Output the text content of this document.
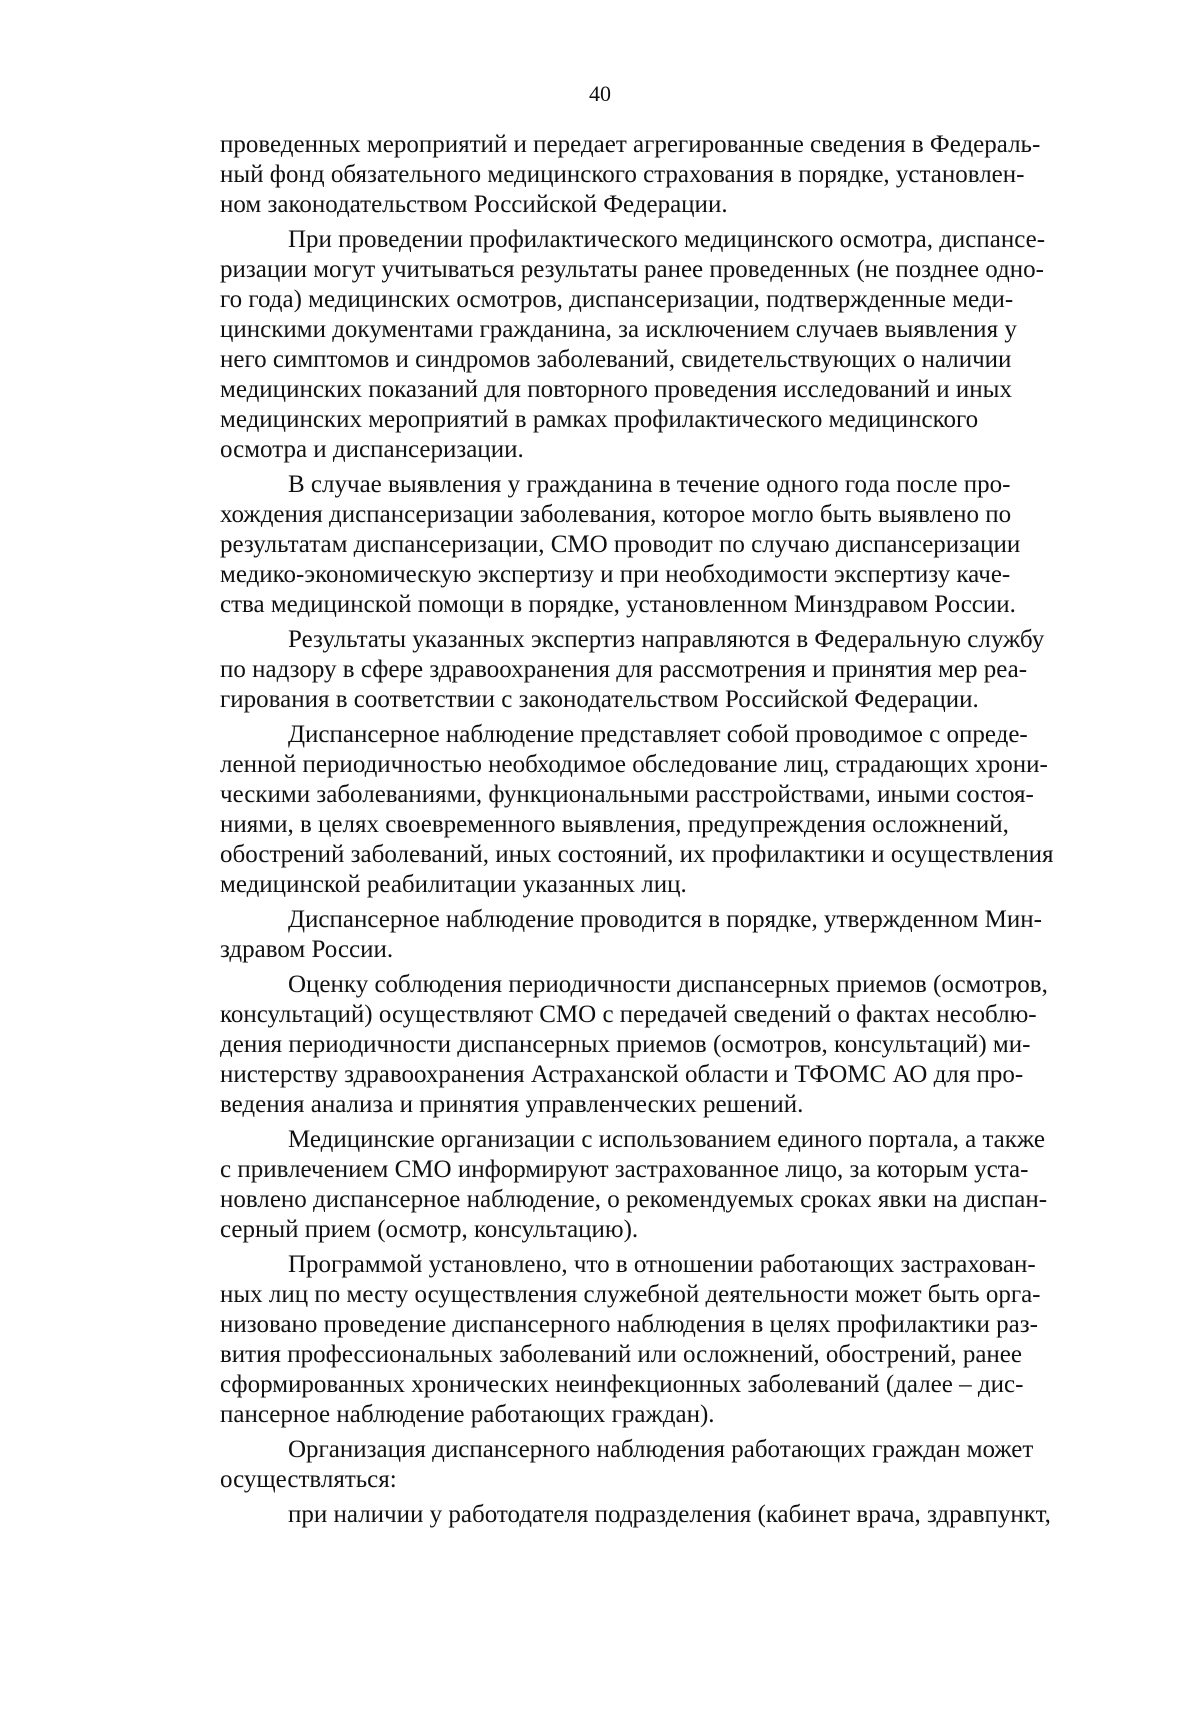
40

проведенных мероприятий и передает агрегированные сведения в Федераль-
ный фонд обязательного медицинского страхования в порядке, установлен-
ном законодательством Российской Федерации.

При проведении профилактического медицинского осмотра, диспансе-
ризации могут учитываться результаты ранее проведенных (не позднее одно-
го года) медицинских осмотров, диспансеризации, подтвержденные меди-
цинскими документами гражданина, за исключением случаев выявления у
него симптомов и синдромов заболеваний, свидетельствующих о наличии
медицинских показаний для повторного проведения исследований и иных
медицинских мероприятий в рамках профилактического медицинского
осмотра и диспансеризации.

В случае выявления у гражданина в течение одного года после про-
хождения диспансеризации заболевания, которое могло быть выявлено по
результатам диспансеризации, СМО проводит по случаю диспансеризации
медико-экономическую экспертизу и при необходимости экспертизу каче-
ства медицинской помощи в порядке, установленном Минздравом России.

Результаты указанных экспертиз направляются в Федеральную службу
по надзору в сфере здравоохранения для рассмотрения и принятия мер реа-
гирования в соответствии с законодательством Российской Федерации.

Диспансерное наблюдение представляет собой проводимое с опреде-
ленной периодичностью необходимое обследование лиц, страдающих хрони-
ческими заболеваниями, функциональными расстройствами, иными состоя-
ниями, в целях своевременного выявления, предупреждения осложнений,
обострений заболеваний, иных состояний, их профилактики и осуществления
медицинской реабилитации указанных лиц.

Диспансерное наблюдение проводится в порядке, утвержденном Мин-
здравом России.

Оценку соблюдения периодичности диспансерных приемов (осмотров,
консультаций) осуществляют СМО с передачей сведений о фактах несоблю-
дения периодичности диспансерных приемов (осмотров, консультаций) ми-
нистерству здравоохранения Астраханской области и ТФОМС АО для про-
ведения анализа и принятия управленческих решений.

Медицинские организации с использованием единого портала, а также
с привлечением СМО информируют застрахованное лицо, за которым уста-
новлено диспансерное наблюдение, о рекомендуемых сроках явки на диспан-
серный прием (осмотр, консультацию).

Программой установлено, что в отношении работающих застрахован-
ных лиц по месту осуществления служебной деятельности может быть орга-
низовано проведение диспансерного наблюдения в целях профилактики раз-
вития профессиональных заболеваний или осложнений, обострений, ранее
сформированных хронических неинфекционных заболеваний (далее – дис-
пансерное наблюдение работающих граждан).

Организация диспансерного наблюдения работающих граждан может
осуществляться:

при наличии у работодателя подразделения (кабинет врача, здравпункт,
